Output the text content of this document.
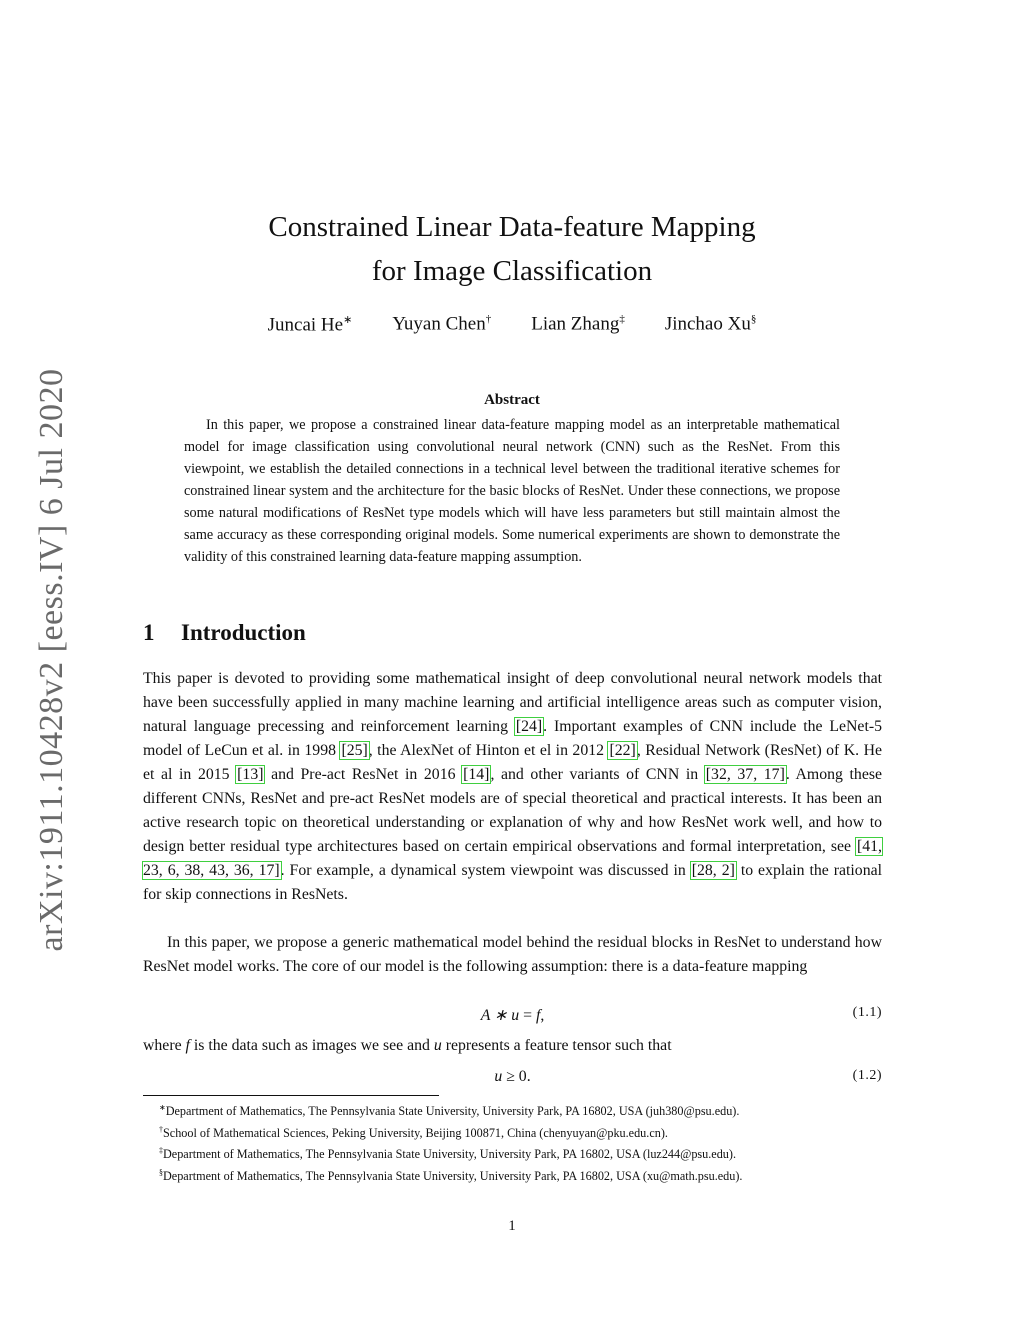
arXiv:1911.10428v2 [eess.IV] 6 Jul 2020
Constrained Linear Data-feature Mapping
for Image Classification
Juncai He∗ Yuyan Chen† Lian Zhang‡ Jinchao Xu§
Abstract

In this paper, we propose a constrained linear data-feature mapping model as an interpretable mathematical model for image classification using convolutional neural network (CNN) such as the ResNet. From this viewpoint, we establish the detailed connections in a technical level between the traditional iterative schemes for constrained linear system and the architecture for the basic blocks of ResNet. Under these connections, we propose some natural modifications of ResNet type models which will have less parameters but still maintain almost the same accuracy as these corresponding original models. Some numerical experiments are shown to demonstrate the validity of this constrained learning data-feature mapping assumption.

1 Introduction

This paper is devoted to providing some mathematical insight of deep convolutional neural network models that have been successfully applied in many machine learning and artificial intelligence areas such as computer vision, natural language precessing and reinforcement learning [24]. Important examples of CNN include the LeNet-5 model of LeCun et al. in 1998 [25], the AlexNet of Hinton et el in 2012 [22], Residual Network (ResNet) of K. He et al in 2015 [13] and Pre-act ResNet in 2016 [14], and other variants of CNN in [32, 37, 17]. Among these different CNNs, ResNet and pre-act ResNet models are of special theoretical and practical interests. It has been an active research topic on theoretical understanding or explanation of why and how ResNet work well, and how to design better residual type architectures based on certain empirical observations and formal interpretation, see [41, 23, 6, 38, 43, 36, 17]. For example, a dynamical system viewpoint was discussed in [28, 2] to explain the rational for skip connections in ResNets.

In this paper, we propose a generic mathematical model behind the residual blocks in ResNet to understand how ResNet model works. The core of our model is the following assumption: there is a data-feature mapping

A ∗ u = f,	(1.1)

where f is the data such as images we see and u represents a feature tensor such that

u ≥ 0.	(1.2)

∗Department of Mathematics, The Pennsylvania State University, University Park, PA 16802, USA (juh380@psu.edu).

†School of Mathematical Sciences, Peking University, Beijing 100871, China (chenyuyan@pku.edu.cn).

‡Department of Mathematics, The Pennsylvania State University, University Park, PA 16802, USA (luz244@psu.edu).

§Department of Mathematics, The Pennsylvania State University, University Park, PA 16802, USA (xu@math.psu.edu).

1
